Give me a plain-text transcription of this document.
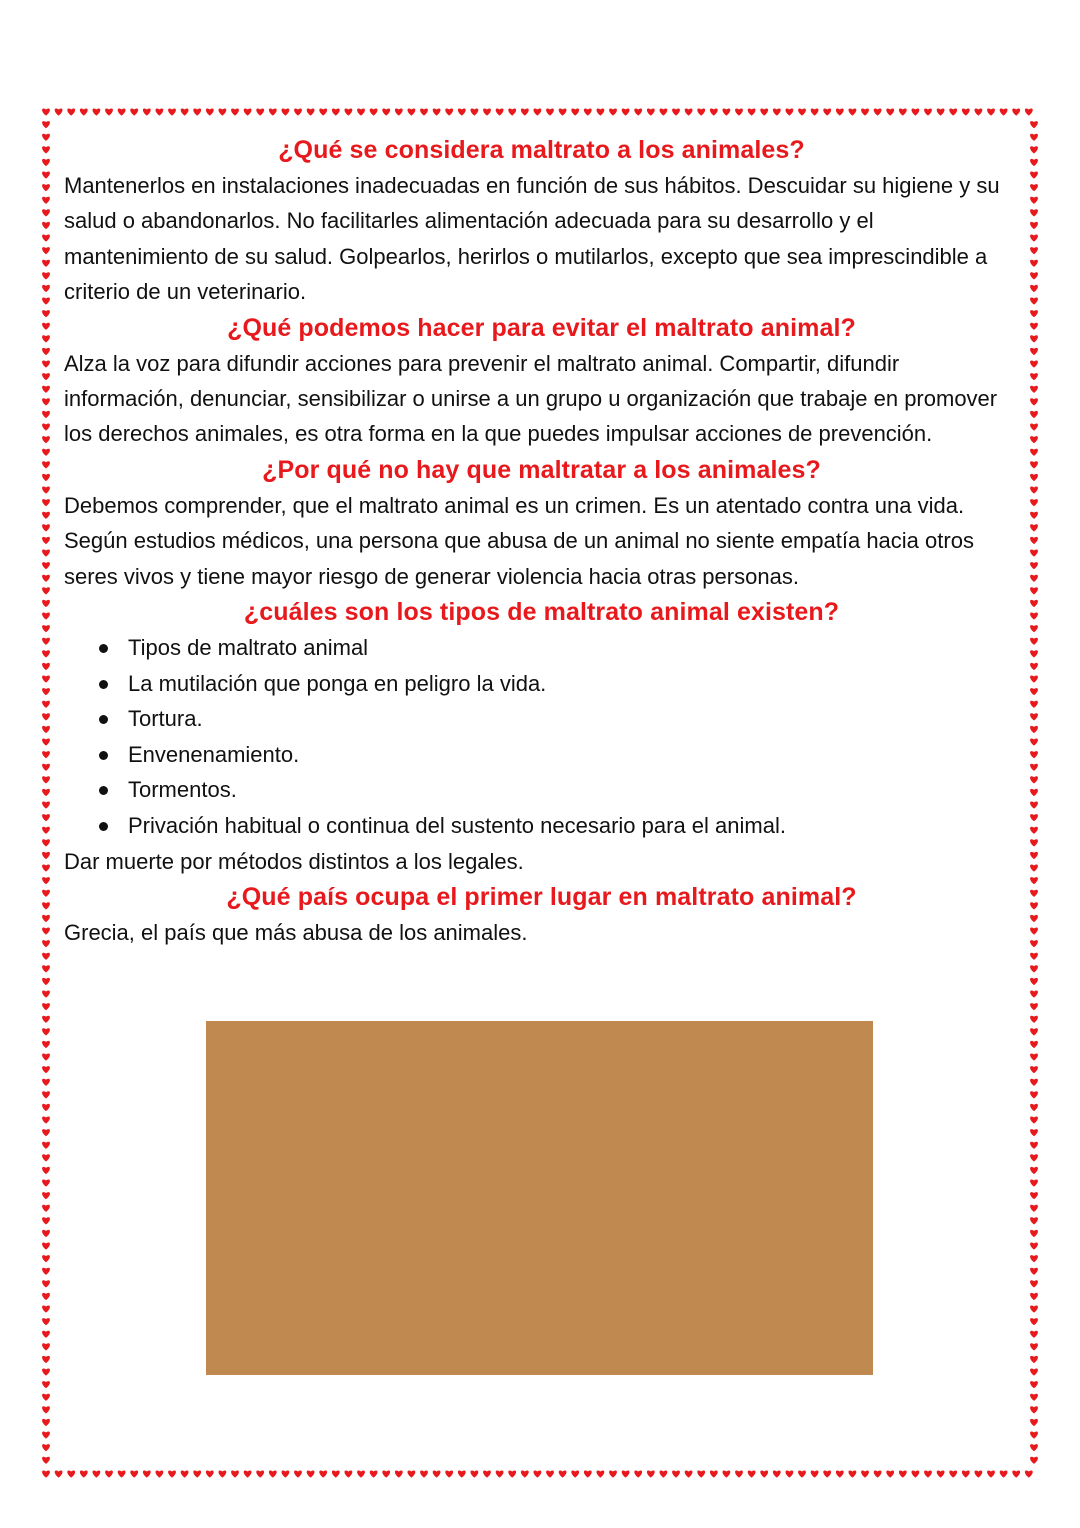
¿Qué se considera maltrato a los animales?

Mantenerlos en instalaciones inadecuadas en función de sus hábitos. Descuidar su higiene y su salud o abandonarlos. No facilitarles alimentación adecuada para su desarrollo y el mantenimiento de su salud. Golpearlos, herirlos o mutilarlos, excepto que sea imprescindible a criterio de un veterinario.

¿Qué podemos hacer para evitar el maltrato animal?

Alza la voz para difundir acciones para prevenir el maltrato animal. Compartir, difundir información, denunciar, sensibilizar o unirse a un grupo u organización que trabaje en promover los derechos animales, es otra forma en la que puedes impulsar acciones de prevención.

¿Por qué no hay que maltratar a los animales?

Debemos comprender, que el maltrato animal es un crimen. Es un atentado contra una vida. Según estudios médicos, una persona que abusa de un animal no siente empatía hacia otros seres vivos y tiene mayor riesgo de generar violencia hacia otras personas.

¿cuáles son los tipos de maltrato animal existen?
Tipos de maltrato animal
La mutilación que ponga en peligro la vida.
Tortura.
Envenenamiento.
Tormentos.
Privación habitual o continua del sustento necesario para el animal.

Dar muerte por métodos distintos a los legales.

¿Qué país ocupa el primer lugar en maltrato animal?

Grecia, el país que más abusa de los animales.
